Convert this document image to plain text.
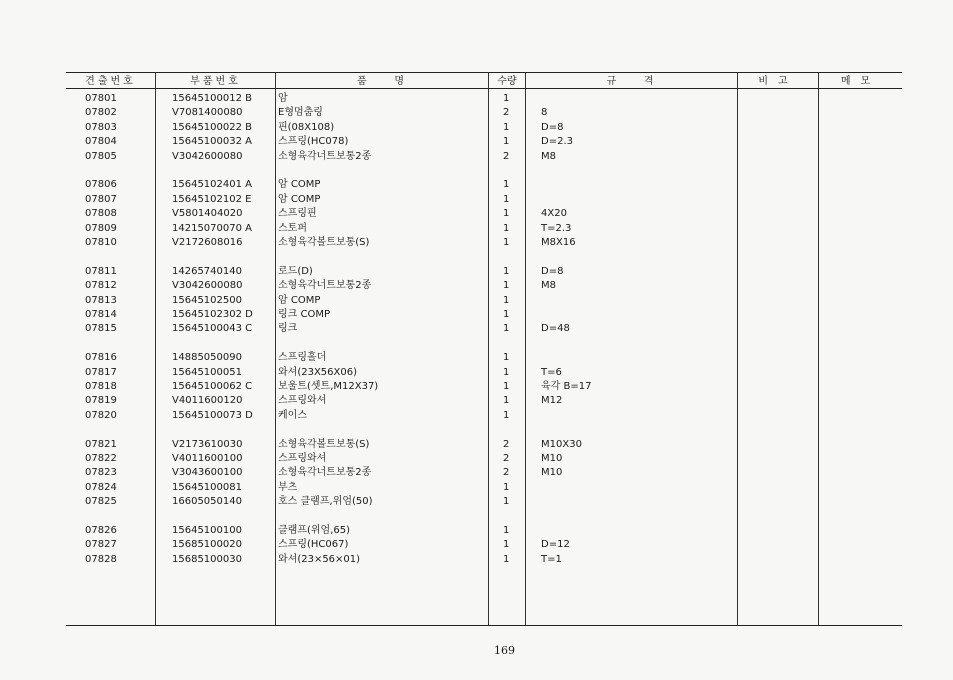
견출번호	부품번호	품    명	수량	규    격	비고	메모
07801	15645100012 B	암	1
07802	V7081400080	E형멈춤링	2	8
07803	15645100022 B	핀(08X108)	1	D=8
07804	15645100032 A	스프링(HC078)	1	D=2.3
07805	V3042600080	소형육각너트보통2종	2	M8
07806	15645102401 A	암 COMP	1
07807	15645102102 E	암 COMP	1
07808	V5801404020	스프링핀	1	4X20
07809	14215070070 A	스토퍼	1	T=2.3
07810	V2172608016	소형육각볼트보통(S)	1	M8X16
07811	14265740140	로드(D)	1	D=8
07812	V3042600080	소형육각너트보통2종	1	M8
07813	15645102500	암 COMP	1
07814	15645102302 D	링크 COMP	1
07815	15645100043 C	링크	1	D=48
07816	14885050090	스프링홀더	1
07817	15645100051	와셔(23X56X06)	1	T=6
07818	15645100062 C	보울트(셋트,M12X37)	1	육각 B=17
07819	V4011600120	스프링와셔	1	M12
07820	15645100073 D	케이스	1
07821	V2173610030	소형육각볼트보통(S)	2	M10X30
07822	V4011600100	스프링와셔	2	M10
07823	V3043600100	소형육각너트보통2종	2	M10
07824	15645100081	부츠	1
07825	16605050140	호스 클램프,위엄(50)	1
07826	15645100100	클램프(위엄,65)	1
07827	15685100020	스프링(HC067)	1	D=12
07828	15685100030	와셔(23×56×01)	1	T=1
169
